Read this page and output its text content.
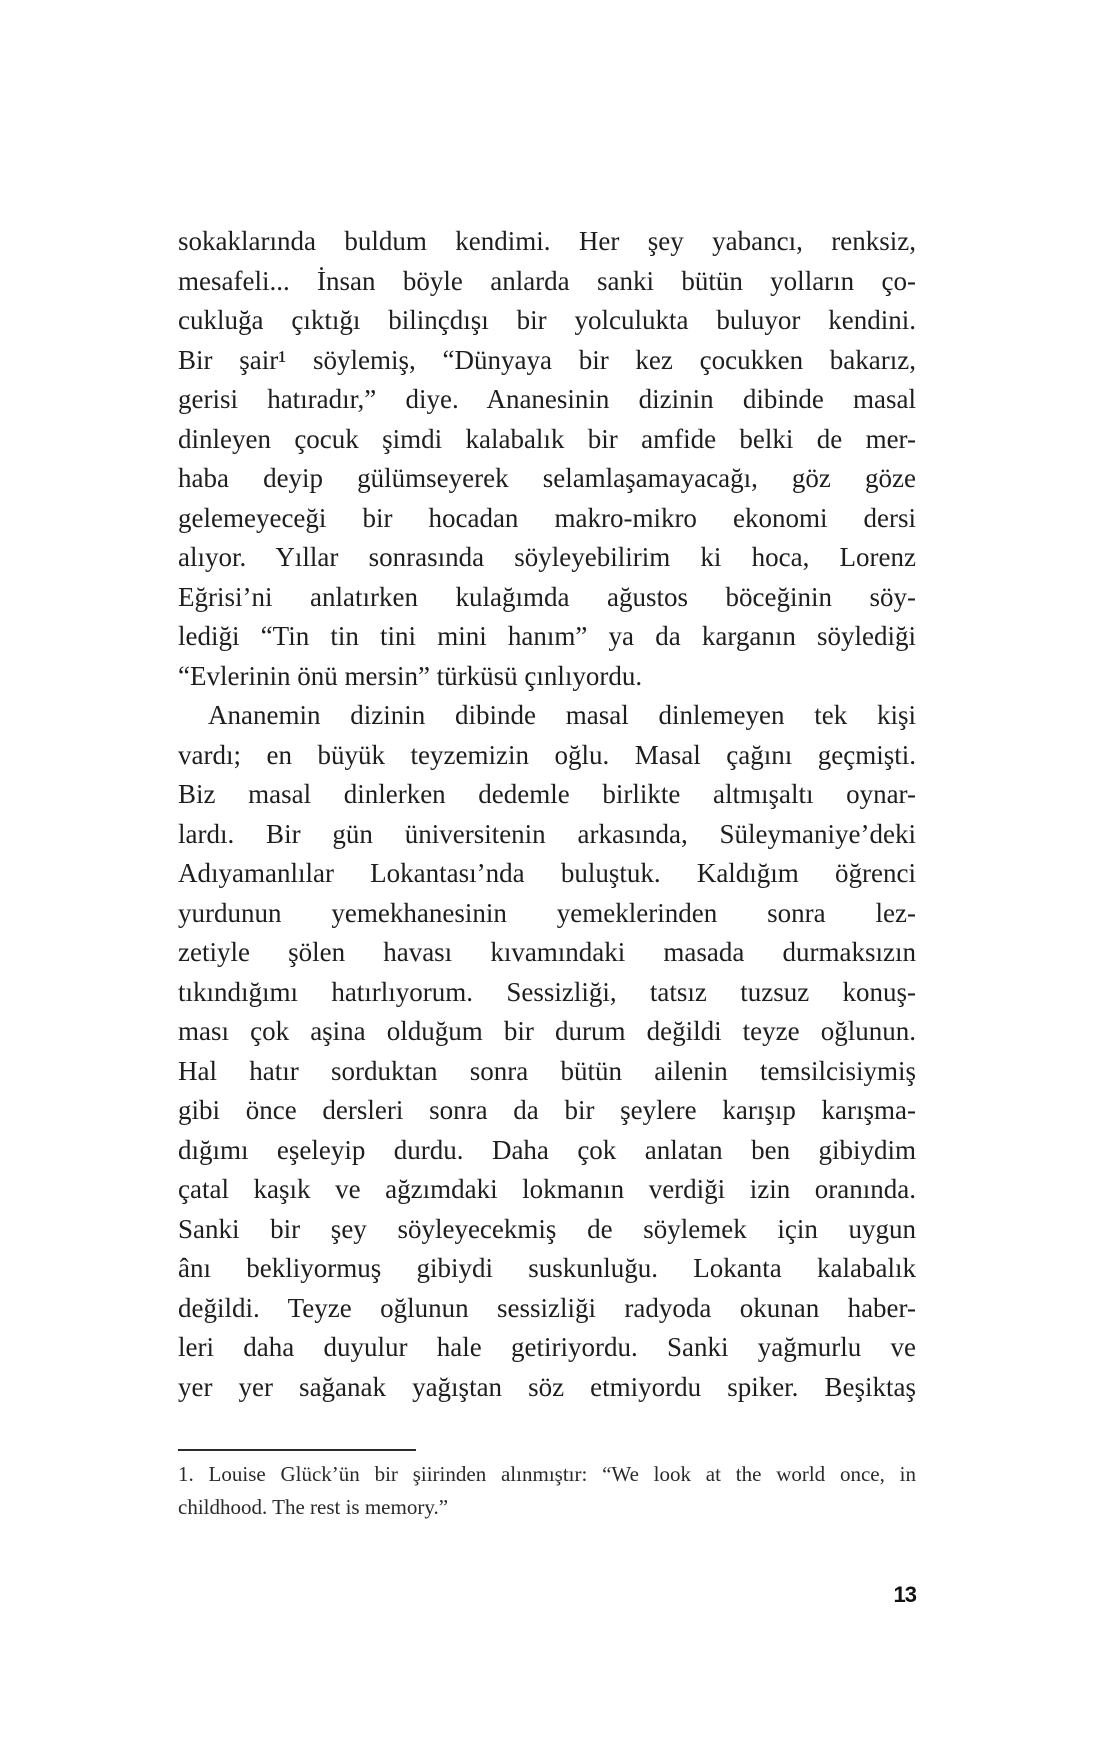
sokaklarında buldum kendimi. Her şey yabancı, renksiz,
mesafeli... İnsan böyle anlarda sanki bütün yolların ço-
cukluğa çıktığı bilinçdışı bir yolculukta buluyor kendini.
Bir şair¹ söylemiş, “Dünyaya bir kez çocukken bakarız,
gerisi hatıradır,” diye. Ananesinin dizinin dibinde masal
dinleyen çocuk şimdi kalabalık bir amfide belki de mer-
haba deyip gülümseyerek selamlaşamayacağı, göz göze
gelemeyeceği bir hocadan makro-mikro ekonomi dersi
alıyor. Yıllar sonrasında söyleyebilirim ki hoca, Lorenz
Eğrisi’ni anlatırken kulağımda ağustos böceğinin söy-
lediği “Tin tin tini mini hanım” ya da karganın söylediği
“Evlerinin önü mersin” türküsü çınlıyordu.
Ananemin dizinin dibinde masal dinlemeyen tek kişi
vardı; en büyük teyzemizin oğlu. Masal çağını geçmişti.
Biz masal dinlerken dedemle birlikte altmışaltı oynar-
lardı. Bir gün üniversitenin arkasında, Süleymaniye’deki
Adıyamanlılar Lokantası’nda buluştuk. Kaldığım öğrenci
yurdunun yemekhanesinin yemeklerinden sonra lez-
zetiyle şölen havası kıvamındaki masada durmaksızın
tıkındığımı hatırlıyorum. Sessizliği, tatsız tuzsuz konuş-
ması çok aşina olduğum bir durum değildi teyze oğlunun.
Hal hatır sorduktan sonra bütün ailenin temsilcisiymiş
gibi önce dersleri sonra da bir şeylere karışıp karışma-
dığımı eşeleyip durdu. Daha çok anlatan ben gibiydim
çatal kaşık ve ağzımdaki lokmanın verdiği izin oranında.
Sanki bir şey söyleyecekmiş de söylemek için uygun
ânı bekliyormuş gibiydi suskunluğu. Lokanta kalabalık
değildi. Teyze oğlunun sessizliği radyoda okunan haber-
leri daha duyulur hale getiriyordu. Sanki yağmurlu ve
yer yer sağanak yağıştan söz etmiyordu spiker. Beşiktaş
1. Louise Glück’ün bir şiirinden alınmıştır: “We look at the world once, in
childhood. The rest is memory.”
13
